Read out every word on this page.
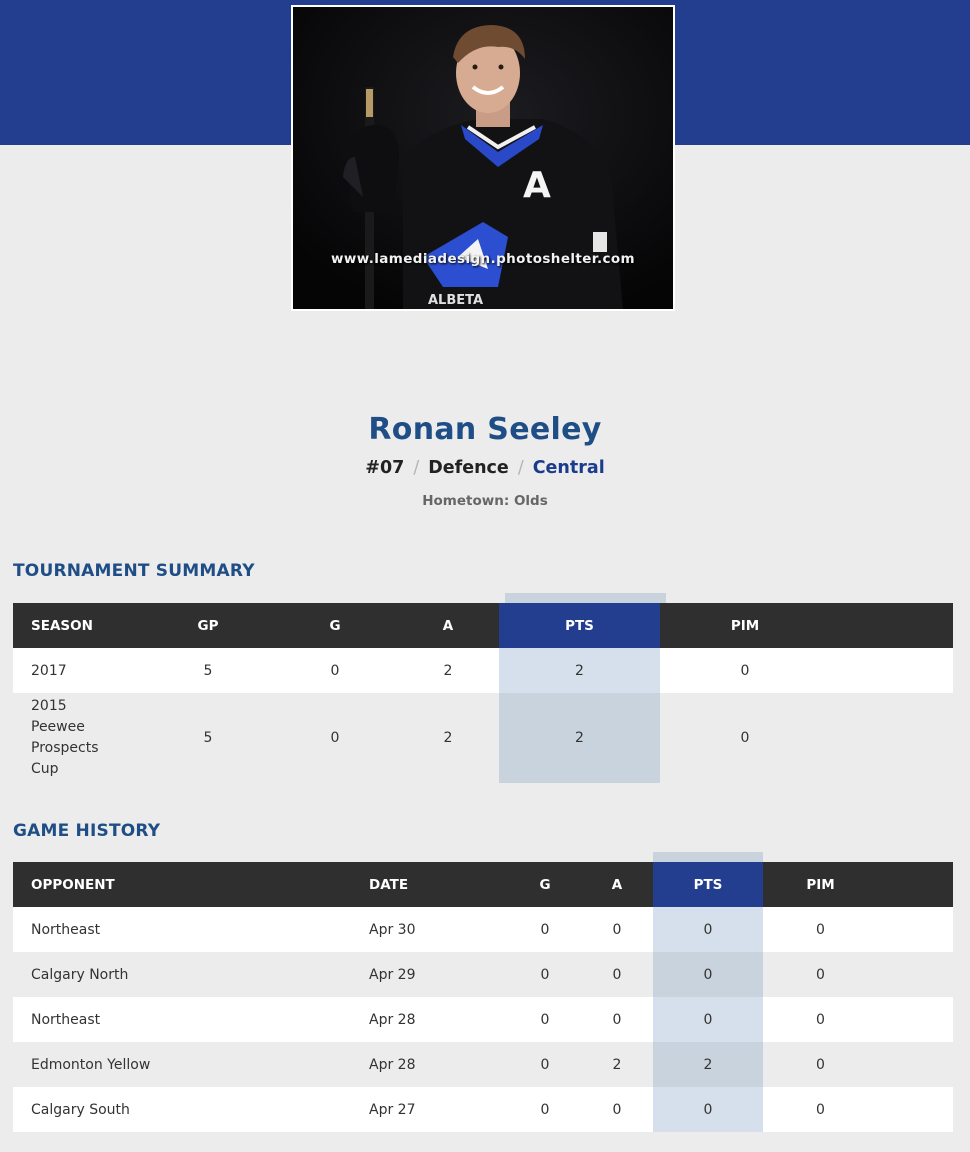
A
ALBETA
www.lamediadesign.photoshelter.com
Ronan Seeley
#07 / Defence / Central
Hometown: Olds
TOURNAMENT SUMMARY
SEASON	GP	G	A	PTS	PIM	
2017	5	0	2	2	0	
2015 Peewee Prospects Cup	5	0	2	2	0	
GAME HISTORY
OPPONENT	DATE	G	A	PTS	PIM	
Northeast	Apr 30	0	0	0	0	
Calgary North	Apr 29	0	0	0	0	
Northeast	Apr 28	0	0	0	0	
Edmonton Yellow	Apr 28	0	2	2	0	
Calgary South	Apr 27	0	0	0	0	
